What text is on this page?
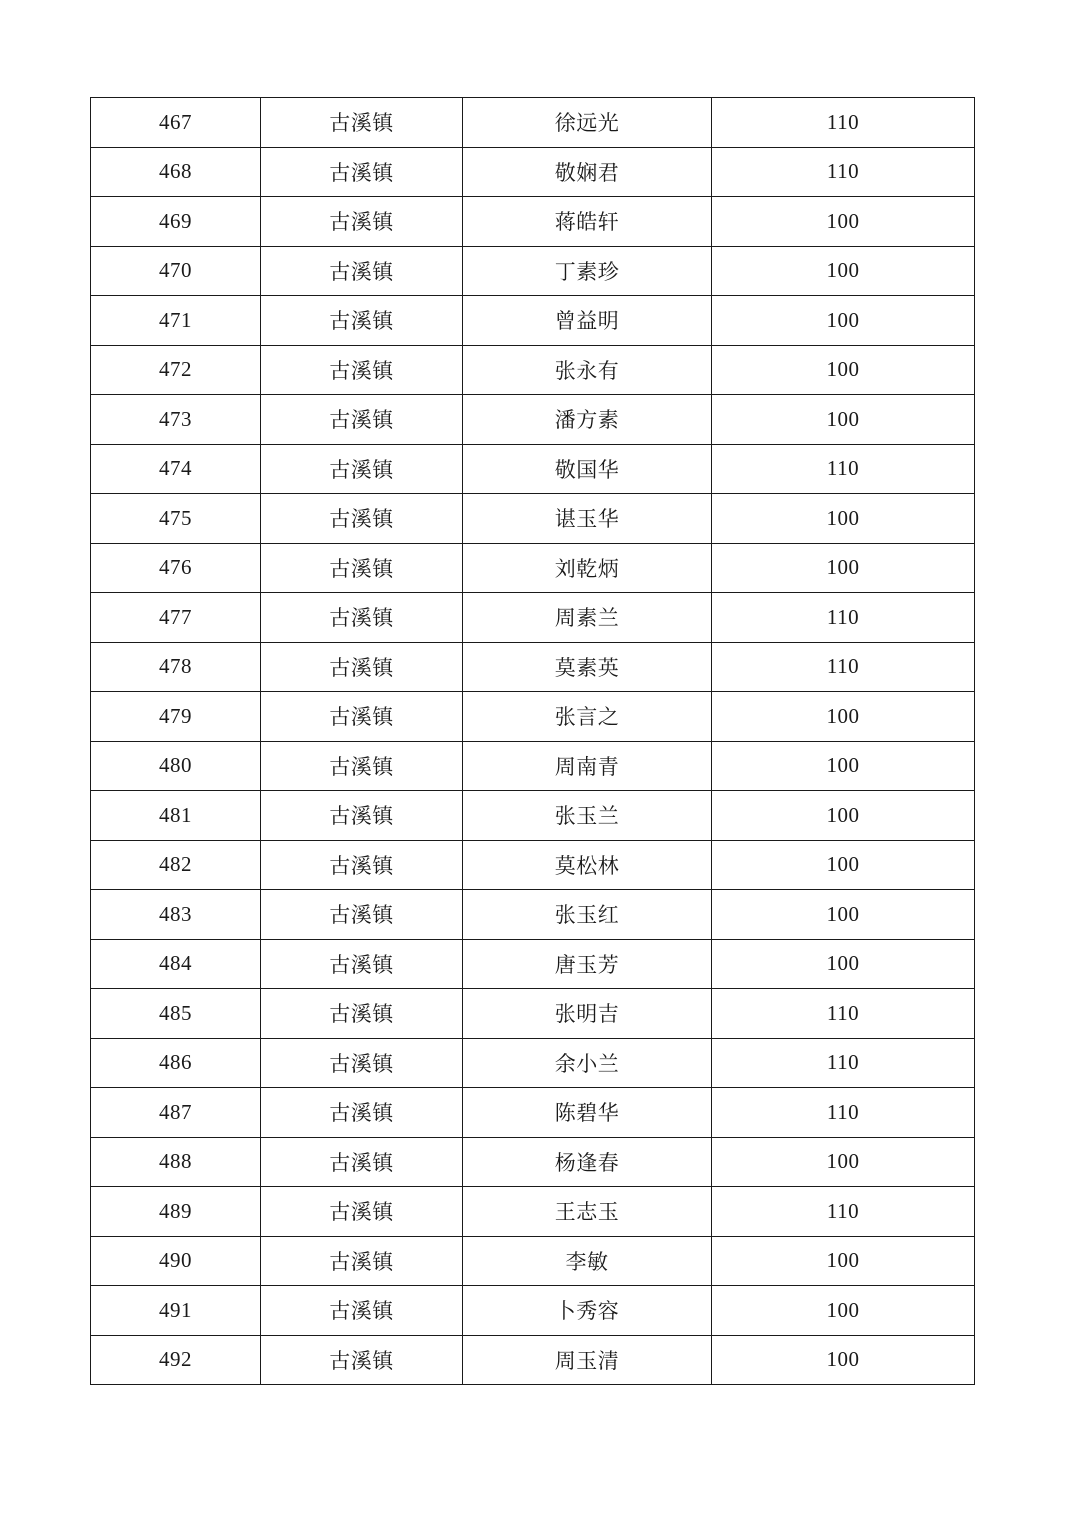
467	古溪镇	徐远光	110
468	古溪镇	敬娴君	110
469	古溪镇	蒋皓轩	100
470	古溪镇	丁素珍	100
471	古溪镇	曾益明	100
472	古溪镇	张永有	100
473	古溪镇	潘方素	100
474	古溪镇	敬国华	110
475	古溪镇	谌玉华	100
476	古溪镇	刘乾炳	100
477	古溪镇	周素兰	110
478	古溪镇	莫素英	110
479	古溪镇	张言之	100
480	古溪镇	周南青	100
481	古溪镇	张玉兰	100
482	古溪镇	莫松林	100
483	古溪镇	张玉红	100
484	古溪镇	唐玉芳	100
485	古溪镇	张明吉	110
486	古溪镇	余小兰	110
487	古溪镇	陈碧华	110
488	古溪镇	杨逢春	100
489	古溪镇	王志玉	110
490	古溪镇	李敏	100
491	古溪镇	卜秀容	100
492	古溪镇	周玉清	100
